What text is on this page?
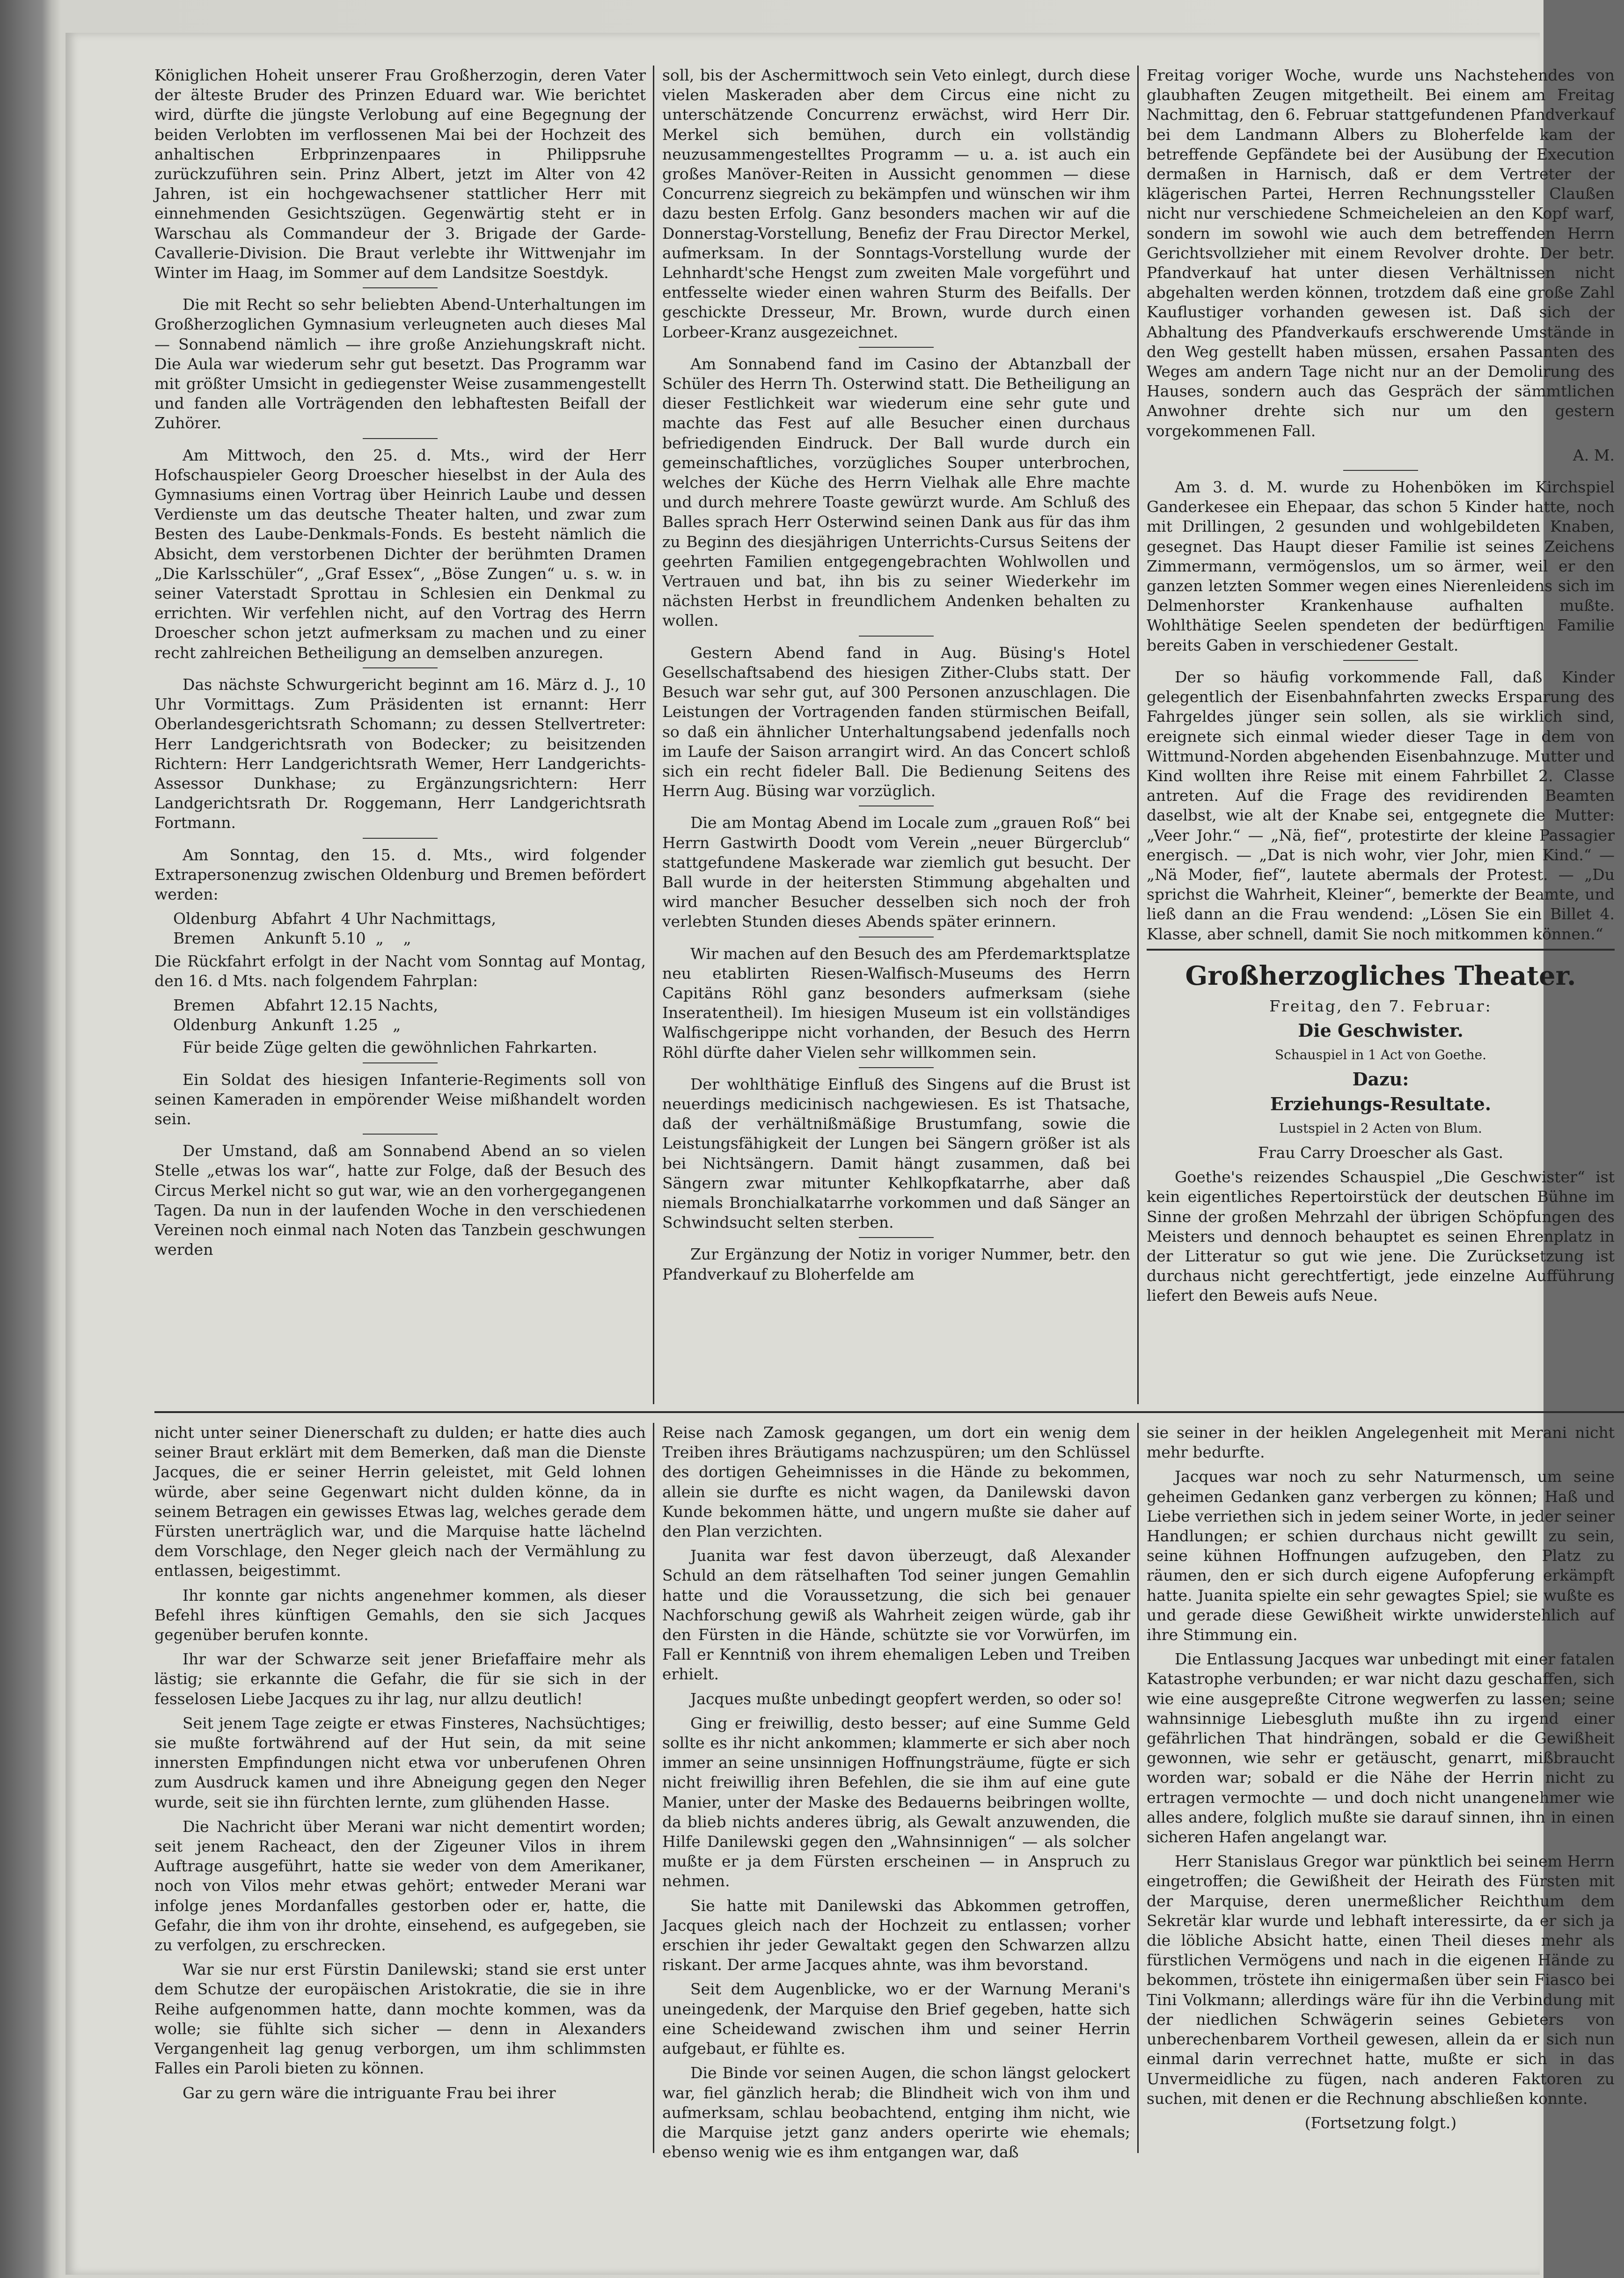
Königlichen Hoheit unserer Frau Großherzogin, deren Vater der älteste Bruder des Prinzen Eduard war. Wie berichtet wird, dürfte die jüngste Verlobung auf eine Begegnung der beiden Verlobten im verflossenen Mai bei der Hochzeit des anhaltischen Erbprinzenpaares in Philippsruhe zurückzuführen sein. Prinz Albert, jetzt im Alter von 42 Jahren, ist ein hochgewachsener stattlicher Herr mit einnehmenden Gesichtszügen. Gegenwärtig steht er in Warschau als Commandeur der 3. Brigade der Garde-Cavallerie-Division. Die Braut verlebte ihr Wittwenjahr im Winter im Haag, im Sommer auf dem Landsitze Soestdyk.

Die mit Recht so sehr beliebten Abend-Unterhaltungen im Großherzoglichen Gymnasium verleugneten auch dieses Mal — Sonnabend nämlich — ihre große Anziehungskraft nicht. Die Aula war wiederum sehr gut besetzt. Das Programm war mit größter Umsicht in gediegenster Weise zusammengestellt und fanden alle Vorträgenden den lebhaftesten Beifall der Zuhörer.

Am Mittwoch, den 25. d. Mts., wird der Herr Hofschauspieler Georg Droescher hieselbst in der Aula des Gymnasiums einen Vortrag über Heinrich Laube und dessen Verdienste um das deutsche Theater halten, und zwar zum Besten des Laube-Denkmals-Fonds. Es besteht nämlich die Absicht, dem verstorbenen Dichter der berühmten Dramen „Die Karlsschüler“, „Graf Essex“, „Böse Zungen“ u. s. w. in seiner Vaterstadt Sprottau in Schlesien ein Denkmal zu errichten. Wir verfehlen nicht, auf den Vortrag des Herrn Droescher schon jetzt aufmerksam zu machen und zu einer recht zahlreichen Betheiligung an demselben anzuregen.

Das nächste Schwurgericht beginnt am 16. März d. J., 10 Uhr Vormittags. Zum Präsidenten ist ernannt: Herr Oberlandesgerichtsrath Schomann; zu dessen Stellvertreter: Herr Landgerichtsrath von Bodecker; zu beisitzenden Richtern: Herr Landgerichtsrath Wemer, Herr Landgerichts-Assessor Dunkhase; zu Ergänzungsrichtern: Herr Landgerichtsrath Dr. Roggemann, Herr Landgerichtsrath Fortmann.

Am Sonntag, den 15. d. Mts., wird folgender Extrapersonenzug zwischen Oldenburg und Bremen befördert werden:

Oldenburg   Abfahrt  4 Uhr Nachmittags,
Bremen      Ankunft 5.10  „    „

Die Rückfahrt erfolgt in der Nacht vom Sonntag auf Montag, den 16. d Mts. nach folgendem Fahrplan:

Bremen      Abfahrt 12.15 Nachts,
Oldenburg   Ankunft  1.25   „

Für beide Züge gelten die gewöhnlichen Fahrkarten.

Ein Soldat des hiesigen Infanterie-Regiments soll von seinen Kameraden in empörender Weise mißhandelt worden sein.

Der Umstand, daß am Sonnabend Abend an so vielen Stelle „etwas los war“, hatte zur Folge, daß der Besuch des Circus Merkel nicht so gut war, wie an den vorhergegangenen Tagen. Da nun in der laufenden Woche in den verschiedenen Vereinen noch einmal nach Noten das Tanzbein geschwungen werden

soll, bis der Aschermittwoch sein Veto einlegt, durch diese vielen Maskeraden aber dem Circus eine nicht zu unterschätzende Concurrenz erwächst, wird Herr Dir. Merkel sich bemühen, durch ein vollständig neuzusammengestelltes Programm — u. a. ist auch ein großes Manöver-Reiten in Aussicht genommen — diese Concurrenz siegreich zu bekämpfen und wünschen wir ihm dazu besten Erfolg. Ganz besonders machen wir auf die Donnerstag-Vorstellung, Benefiz der Frau Director Merkel, aufmerksam. In der Sonntags-Vorstellung wurde der Lehnhardt'sche Hengst zum zweiten Male vorgeführt und entfesselte wieder einen wahren Sturm des Beifalls. Der geschickte Dresseur, Mr. Brown, wurde durch einen Lorbeer-Kranz ausgezeichnet.

Am Sonnabend fand im Casino der Abtanzball der Schüler des Herrn Th. Osterwind statt. Die Betheiligung an dieser Festlichkeit war wiederum eine sehr gute und machte das Fest auf alle Besucher einen durchaus befriedigenden Eindruck. Der Ball wurde durch ein gemeinschaftliches, vorzügliches Souper unterbrochen, welches der Küche des Herrn Vielhak alle Ehre machte und durch mehrere Toaste gewürzt wurde. Am Schluß des Balles sprach Herr Osterwind seinen Dank aus für das ihm zu Beginn des diesjährigen Unterrichts-Cursus Seitens der geehrten Familien entgegengebrachten Wohlwollen und Vertrauen und bat, ihn bis zu seiner Wiederkehr im nächsten Herbst in freundlichem Andenken behalten zu wollen.

Gestern Abend fand in Aug. Büsing's Hotel Gesellschaftsabend des hiesigen Zither-Clubs statt. Der Besuch war sehr gut, auf 300 Personen anzuschlagen. Die Leistungen der Vortragenden fanden stürmischen Beifall, so daß ein ähnlicher Unterhaltungsabend jedenfalls noch im Laufe der Saison arrangirt wird. An das Concert schloß sich ein recht fideler Ball. Die Bedienung Seitens des Herrn Aug. Büsing war vorzüglich.

Die am Montag Abend im Locale zum „grauen Roß“ bei Herrn Gastwirth Doodt vom Verein „neuer Bürgerclub“ stattgefundene Maskerade war ziemlich gut besucht. Der Ball wurde in der heitersten Stimmung abgehalten und wird mancher Besucher desselben sich noch der froh verlebten Stunden dieses Abends später erinnern.

Wir machen auf den Besuch des am Pferdemarktsplatze neu etablirten Riesen-Walfisch-Museums des Herrn Capitäns Röhl ganz besonders aufmerksam (siehe Inseratentheil). Im hiesigen Museum ist ein vollständiges Walfischgerippe nicht vorhanden, der Besuch des Herrn Röhl dürfte daher Vielen sehr willkommen sein.

Der wohlthätige Einfluß des Singens auf die Brust ist neuerdings medicinisch nachgewiesen. Es ist Thatsache, daß der verhältnißmäßige Brustumfang, sowie die Leistungsfähigkeit der Lungen bei Sängern größer ist als bei Nichtsängern. Damit hängt zusammen, daß bei Sängern zwar mitunter Kehlkopfkatarrhe, aber daß niemals Bronchialkatarrhe vorkommen und daß Sänger an Schwindsucht selten sterben.

Zur Ergänzung der Notiz in voriger Nummer, betr. den Pfandverkauf zu Bloherfelde am

Freitag voriger Woche, wurde uns Nachstehendes von glaubhaften Zeugen mitgetheilt. Bei einem am Freitag Nachmittag, den 6. Februar stattgefundenen Pfandverkauf bei dem Landmann Albers zu Bloherfelde kam der betreffende Gepfändete bei der Ausübung der Execution dermaßen in Harnisch, daß er dem Vertreter der klägerischen Partei, Herren Rechnungssteller Claußen nicht nur verschiedene Schmeicheleien an den Kopf warf, sondern im sowohl wie auch dem betreffenden Herrn Gerichtsvollzieher mit einem Revolver drohte. Der betr. Pfandverkauf hat unter diesen Verhältnissen nicht abgehalten werden können, trotzdem daß eine große Zahl Kauflustiger vorhanden gewesen ist. Daß sich der Abhaltung des Pfandverkaufs erschwerende Umstände in den Weg gestellt haben müssen, ersahen Passanten des Weges am andern Tage nicht nur an der Demolirung des Hauses, sondern auch das Gespräch der sämmtlichen Anwohner drehte sich nur um den gestern vorgekommenen Fall.

A. M.

Am 3. d. M. wurde zu Hohenböken im Kirchspiel Ganderkesee ein Ehepaar, das schon 5 Kinder hatte, noch mit Drillingen, 2 gesunden und wohlgebildeten Knaben, gesegnet. Das Haupt dieser Familie ist seines Zeichens Zimmermann, vermögenslos, um so ärmer, weil er den ganzen letzten Sommer wegen eines Nierenleidens sich im Delmenhorster Krankenhause aufhalten mußte. Wohlthätige Seelen spendeten der bedürftigen Familie bereits Gaben in verschiedener Gestalt.

Der so häufig vorkommende Fall, daß Kinder gelegentlich der Eisenbahnfahrten zwecks Ersparung des Fahrgeldes jünger sein sollen, als sie wirklich sind, ereignete sich einmal wieder dieser Tage in dem von Wittmund-Norden abgehenden Eisenbahnzuge. Mutter und Kind wollten ihre Reise mit einem Fahrbillet 2. Classe antreten. Auf die Frage des revidirenden Beamten daselbst, wie alt der Knabe sei, entgegnete die Mutter: „Veer Johr.“ — „Nä, fief“, protestirte der kleine Passagier energisch. — „Dat is nich wohr, vier Johr, mien Kind.“ — „Nä Moder, fief“, lautete abermals der Protest. — „Du sprichst die Wahrheit, Kleiner“, bemerkte der Beamte, und ließ dann an die Frau wendend: „Lösen Sie ein Billet 4. Klasse, aber schnell, damit Sie noch mitkommen können.“

Großherzogliches Theater.

Freitag, den 7. Februar:

Die Geschwister.

Schauspiel in 1 Act von Goethe.

Dazu:

Erziehungs-Resultate.

Lustspiel in 2 Acten von Blum.

Frau Carry Droescher als Gast.

Goethe's reizendes Schauspiel „Die Geschwister“ ist kein eigentliches Repertoirstück der deutschen Bühne im Sinne der großen Mehrzahl der übrigen Schöpfungen des Meisters und dennoch behauptet es seinen Ehrenplatz in der Litteratur so gut wie jene. Die Zurücksetzung ist durchaus nicht gerechtfertigt, jede einzelne Aufführung liefert den Beweis aufs Neue.

nicht unter seiner Dienerschaft zu dulden; er hatte dies auch seiner Braut erklärt mit dem Bemerken, daß man die Dienste Jacques, die er seiner Herrin geleistet, mit Geld lohnen würde, aber seine Gegenwart nicht dulden könne, da in seinem Betragen ein gewisses Etwas lag, welches gerade dem Fürsten unerträglich war, und die Marquise hatte lächelnd dem Vorschlage, den Neger gleich nach der Vermählung zu entlassen, beigestimmt.

Ihr konnte gar nichts angenehmer kommen, als dieser Befehl ihres künftigen Gemahls, den sie sich Jacques gegenüber berufen konnte.

Ihr war der Schwarze seit jener Briefaffaire mehr als lästig; sie erkannte die Gefahr, die für sie sich in der fesselosen Liebe Jacques zu ihr lag, nur allzu deutlich!

Seit jenem Tage zeigte er etwas Finsteres, Nachsüchtiges; sie mußte fortwährend auf der Hut sein, da mit seine innersten Empfindungen nicht etwa vor unberufenen Ohren zum Ausdruck kamen und ihre Abneigung gegen den Neger wurde, seit sie ihn fürchten lernte, zum glühenden Hasse.

Die Nachricht über Merani war nicht dementirt worden; seit jenem Racheact, den der Zigeuner Vilos in ihrem Auftrage ausgeführt, hatte sie weder von dem Amerikaner, noch von Vilos mehr etwas gehört; entweder Merani war infolge jenes Mordanfalles gestorben oder er, hatte, die Gefahr, die ihm von ihr drohte, einsehend, es aufgegeben, sie zu verfolgen, zu erschrecken.

War sie nur erst Fürstin Danilewski; stand sie erst unter dem Schutze der europäischen Aristokratie, die sie in ihre Reihe aufgenommen hatte, dann mochte kommen, was da wolle; sie fühlte sich sicher — denn in Alexanders Vergangenheit lag genug verborgen, um ihm schlimmsten Falles ein Paroli bieten zu können.

Gar zu gern wäre die intriguante Frau bei ihrer

Reise nach Zamosk gegangen, um dort ein wenig dem Treiben ihres Bräutigams nachzuspüren; um den Schlüssel des dortigen Geheimnisses in die Hände zu bekommen, allein sie durfte es nicht wagen, da Danilewski davon Kunde bekommen hätte, und ungern mußte sie daher auf den Plan verzichten.

Juanita war fest davon überzeugt, daß Alexander Schuld an dem rätselhaften Tod seiner jungen Gemahlin hatte und die Voraussetzung, die sich bei genauer Nachforschung gewiß als Wahrheit zeigen würde, gab ihr den Fürsten in die Hände, schützte sie vor Vorwürfen, im Fall er Kenntniß von ihrem ehemaligen Leben und Treiben erhielt.

Jacques mußte unbedingt geopfert werden, so oder so!

Ging er freiwillig, desto besser; auf eine Summe Geld sollte es ihr nicht ankommen; klammerte er sich aber noch immer an seine unsinnigen Hoffnungsträume, fügte er sich nicht freiwillig ihren Befehlen, die sie ihm auf eine gute Manier, unter der Maske des Bedauerns beibringen wollte, da blieb nichts anderes übrig, als Gewalt anzuwenden, die Hilfe Danilewski gegen den „Wahnsinnigen“ — als solcher mußte er ja dem Fürsten erscheinen — in Anspruch zu nehmen.

Sie hatte mit Danilewski das Abkommen getroffen, Jacques gleich nach der Hochzeit zu entlassen; vorher erschien ihr jeder Gewaltakt gegen den Schwarzen allzu riskant. Der arme Jacques ahnte, was ihm bevorstand.

Seit dem Augenblicke, wo er der Warnung Merani's uneingedenk, der Marquise den Brief gegeben, hatte sich eine Scheidewand zwischen ihm und seiner Herrin aufgebaut, er fühlte es.

Die Binde vor seinen Augen, die schon längst gelockert war, fiel gänzlich herab; die Blindheit wich von ihm und aufmerksam, schlau beobachtend, entging ihm nicht, wie die Marquise jetzt ganz anders operirte wie ehemals; ebenso wenig wie es ihm entgangen war, daß

sie seiner in der heiklen Angelegenheit mit Merani nicht mehr bedurfte.

Jacques war noch zu sehr Naturmensch, um seine geheimen Gedanken ganz verbergen zu können; Haß und Liebe verriethen sich in jedem seiner Worte, in jeder seiner Handlungen; er schien durchaus nicht gewillt zu sein, seine kühnen Hoffnungen aufzugeben, den Platz zu räumen, den er sich durch eigene Aufopferung erkämpft hatte. Juanita spielte ein sehr gewagtes Spiel; sie wußte es und gerade diese Gewißheit wirkte unwiderstehlich auf ihre Stimmung ein.

Die Entlassung Jacques war unbedingt mit einer fatalen Katastrophe verbunden; er war nicht dazu geschaffen, sich wie eine ausgepreßte Citrone wegwerfen zu lassen; seine wahnsinnige Liebesgluth mußte ihn zu irgend einer gefährlichen That hindrängen, sobald er die Gewißheit gewonnen, wie sehr er getäuscht, genarrt, mißbraucht worden war; sobald er die Nähe der Herrin nicht zu ertragen vermochte — und doch nicht unangenehmer wie alles andere, folglich mußte sie darauf sinnen, ihn in einen sicheren Hafen angelangt war.

Herr Stanislaus Gregor war pünktlich bei seinem Herrn eingetroffen; die Gewißheit der Heirath des Fürsten mit der Marquise, deren unermeßlicher Reichthum dem Sekretär klar wurde und lebhaft interessirte, da er sich ja die löbliche Absicht hatte, einen Theil dieses mehr als fürstlichen Vermögens und nach in die eigenen Hände zu bekommen, tröstete ihn einigermaßen über sein Fiasco bei Tini Volkmann; allerdings wäre für ihn die Verbindung mit der niedlichen Schwägerin seines Gebieters von unberechenbarem Vortheil gewesen, allein da er sich nun einmal darin verrechnet hatte, mußte er sich in das Unvermeidliche zu fügen, nach anderen Faktoren zu suchen, mit denen er die Rechnung abschließen konnte.

(Fortsetzung folgt.)
